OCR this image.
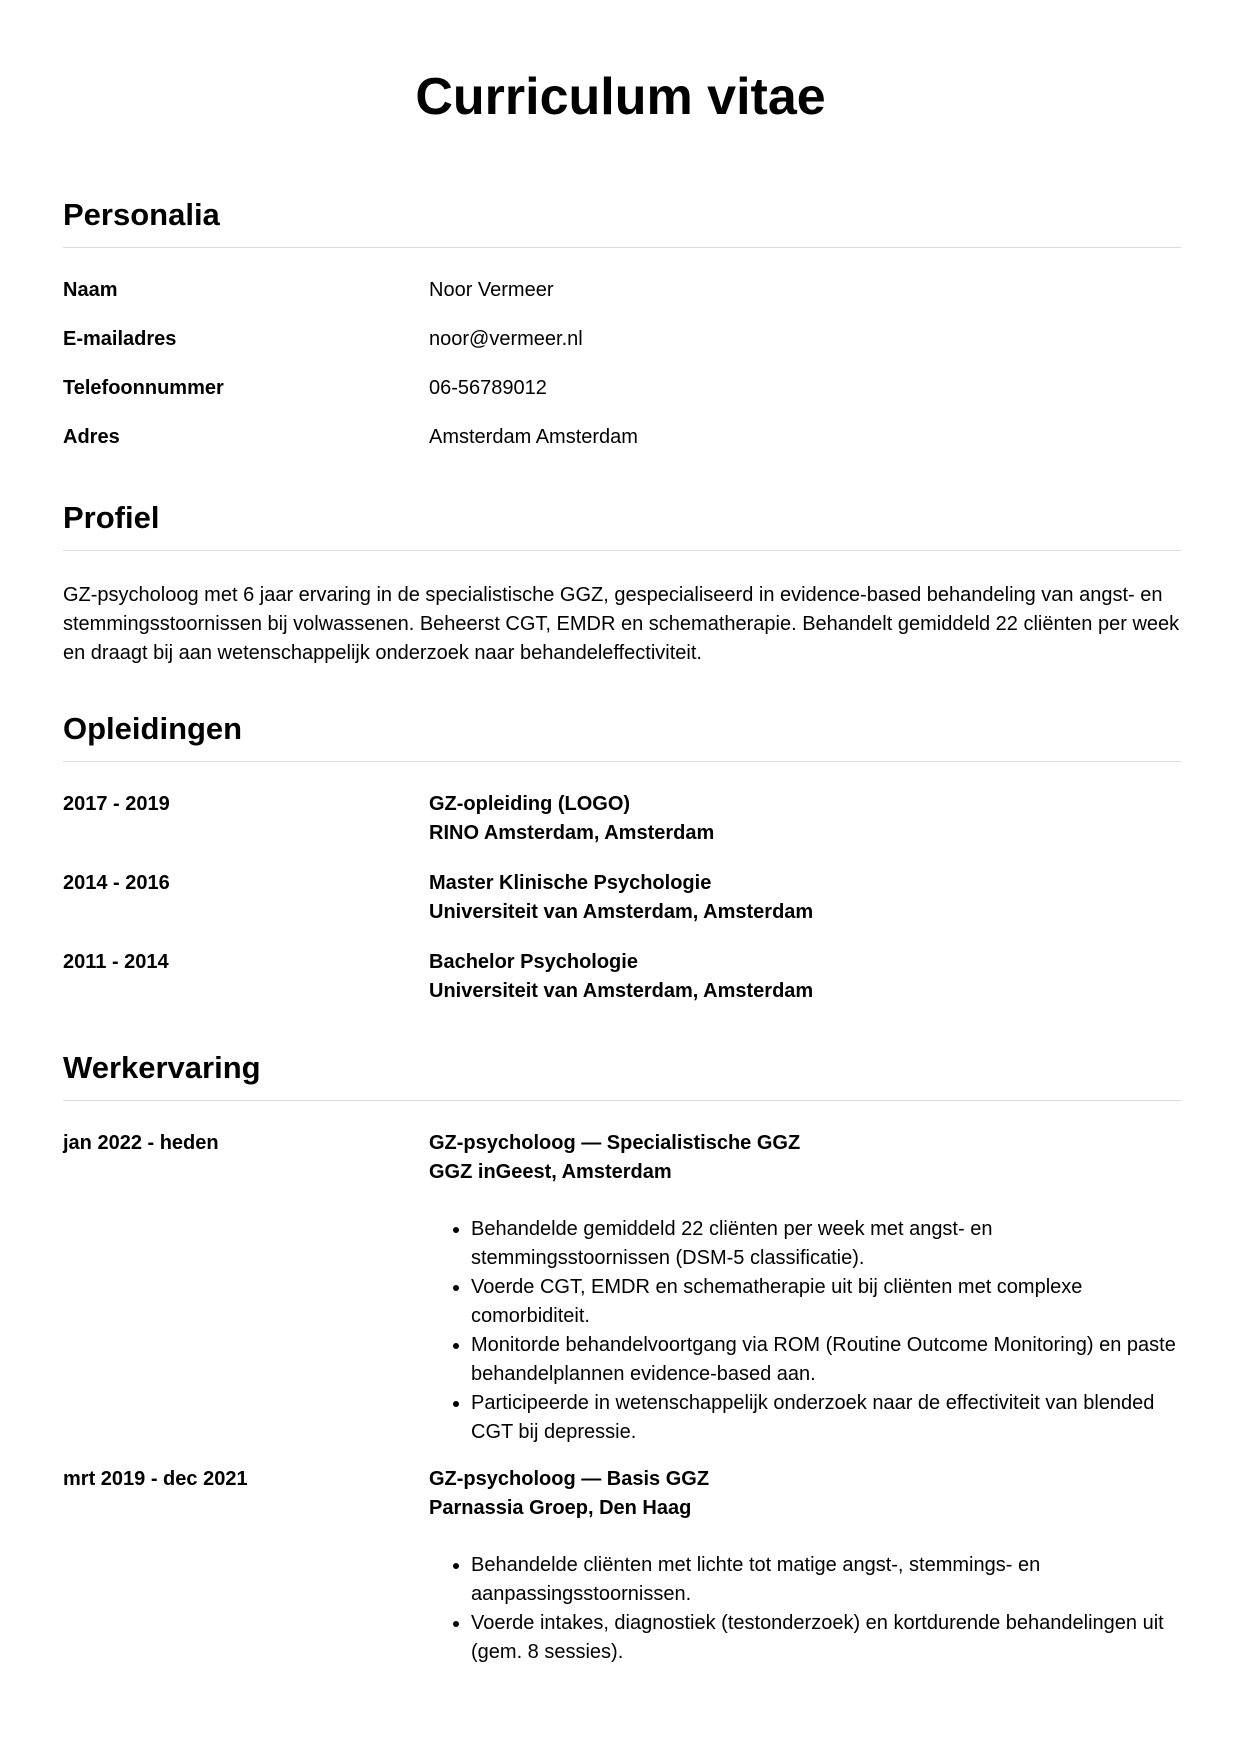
Curriculum vitae
Personalia
Naam	Noor Vermeer
E-mailadres	noor@vermeer.nl
Telefoonnummer	06-56789012
Adres	Amsterdam Amsterdam
Profiel
GZ-psycholoog met 6 jaar ervaring in de specialistische GGZ, gespecialiseerd in evidence-based behandeling van angst- en stemmingsstoornissen bij volwassenen. Beheerst CGT, EMDR en schematherapie. Behandelt gemiddeld 22 cliënten per week en draagt bij aan wetenschappelijk onderzoek naar behandeleffectiviteit.
Opleidingen
2017 - 2019	GZ-opleiding (LOGO)
RINO Amsterdam, Amsterdam
2014 - 2016	Master Klinische Psychologie
Universiteit van Amsterdam, Amsterdam
2011 - 2014	Bachelor Psychologie
Universiteit van Amsterdam, Amsterdam
Werkervaring
jan 2022 - heden	GZ-psycholoog — Specialistische GGZ
GGZ inGeest, Amsterdam
• Behandelde gemiddeld 22 cliënten per week met angst- en stemmingsstoornissen (DSM-5 classificatie).
• Voerde CGT, EMDR en schematherapie uit bij cliënten met complexe comorbiditeit.
• Monitorde behandelvoortgang via ROM (Routine Outcome Monitoring) en paste behandelplannen evidence-based aan.
• Participeerde in wetenschappelijk onderzoek naar de effectiviteit van blended CGT bij depressie.
mrt 2019 - dec 2021	GZ-psycholoog — Basis GGZ
Parnassia Groep, Den Haag
• Behandelde cliënten met lichte tot matige angst-, stemmings- en aanpassingsstoornissen.
• Voerde intakes, diagnostiek (testonderzoek) en kortdurende behandelingen uit (gem. 8 sessies).
